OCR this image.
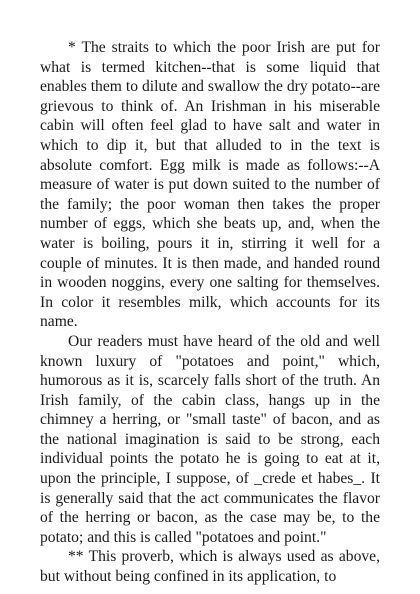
* The straits to which the poor Irish are put for what is termed kitchen--that is some liquid that enables them to dilute and swallow the dry potato--are grievous to think of. An Irishman in his miserable cabin will often feel glad to have salt and water in which to dip it, but that alluded to in the text is absolute comfort. Egg milk is made as follows:--A measure of water is put down suited to the number of the family; the poor woman then takes the proper number of eggs, which she beats up, and, when the water is boiling, pours it in, stirring it well for a couple of minutes. It is then made, and handed round in wooden noggins, every one salting for themselves. In color it resembles milk, which accounts for its name.

Our readers must have heard of the old and well known luxury of "potatoes and point," which, humorous as it is, scarcely falls short of the truth. An Irish family, of the cabin class, hangs up in the chimney a herring, or "small taste" of bacon, and as the national imagination is said to be strong, each individual points the potato he is going to eat at it, upon the principle, I suppose, of _crede et habes_. It is generally said that the act communicates the flavor of the herring or bacon, as the case may be, to the potato; and this is called "potatoes and point."

** This proverb, which is always used as above, but without being confined in its application, to
